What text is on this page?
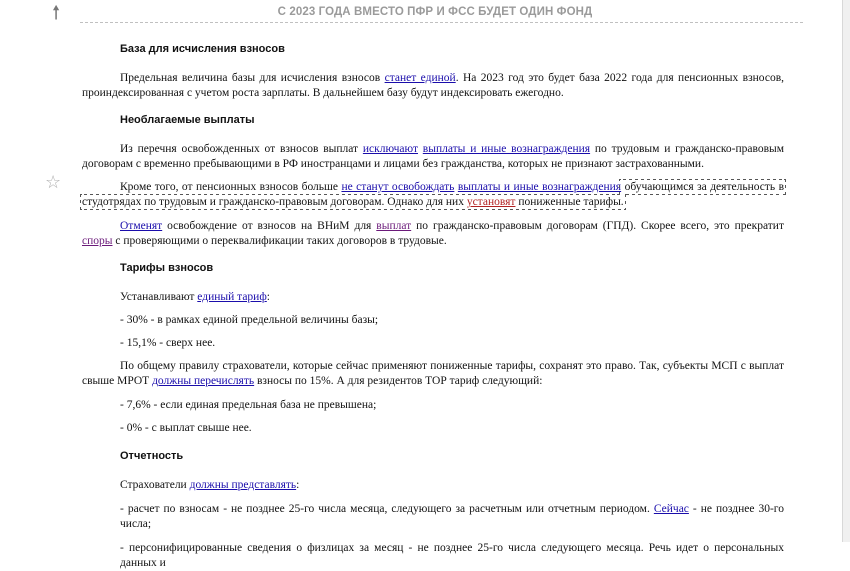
🠕	С 2023 ГОДА ВМЕСТО ПФР И ФСС БУДЕТ ОДИН ФОНД
☆

База для исчисления взносов

Предельная величина базы для исчисления взносов станет единой. На 2023 год это будет база 2022 года для пенсионных взносов, проиндексированная с учетом роста зарплаты. В дальнейшем базу будут индексировать ежегодно.

Необлагаемые выплаты

Из перечня освобожденных от взносов выплат исключают выплаты и иные вознаграждения по трудовым и гражданско-правовым договорам с временно пребывающими в РФ иностранцами и лицами без гражданства, которых не признают застрахованными.

Кроме того, от пенсионных взносов больше не станут освобождать выплаты и иные вознаграждения обучающимся за деятельность в студотрядах по трудовым и гражданско-правовым договорам. Однако для них установят пониженные тарифы.

Отменят освобождение от взносов на ВНиМ для выплат по гражданско-правовым договорам (ГПД). Скорее всего, это прекратит споры с проверяющими о переквалификации таких договоров в трудовые.

Тарифы взносов

Устанавливают единый тариф:

- 30% - в рамках единой предельной величины базы;

- 15,1% - сверх нее.

По общему правилу страхователи, которые сейчас применяют пониженные тарифы, сохранят это право. Так, субъекты МСП с выплат свыше МРОТ должны перечислять взносы по 15%. А для резидентов ТОР тариф следующий:

- 7,6% - если единая предельная база не превышена;

- 0% - с выплат свыше нее.

Отчетность

Страхователи должны представлять:

- расчет по взносам - не позднее 25-го числа месяца, следующего за расчетным или отчетным периодом. Сейчас - не позднее 30-го числа;

- персонифицированные сведения о физлицах за месяц - не позднее 25-го числа следующего месяца. Речь идет о персональных данных и
